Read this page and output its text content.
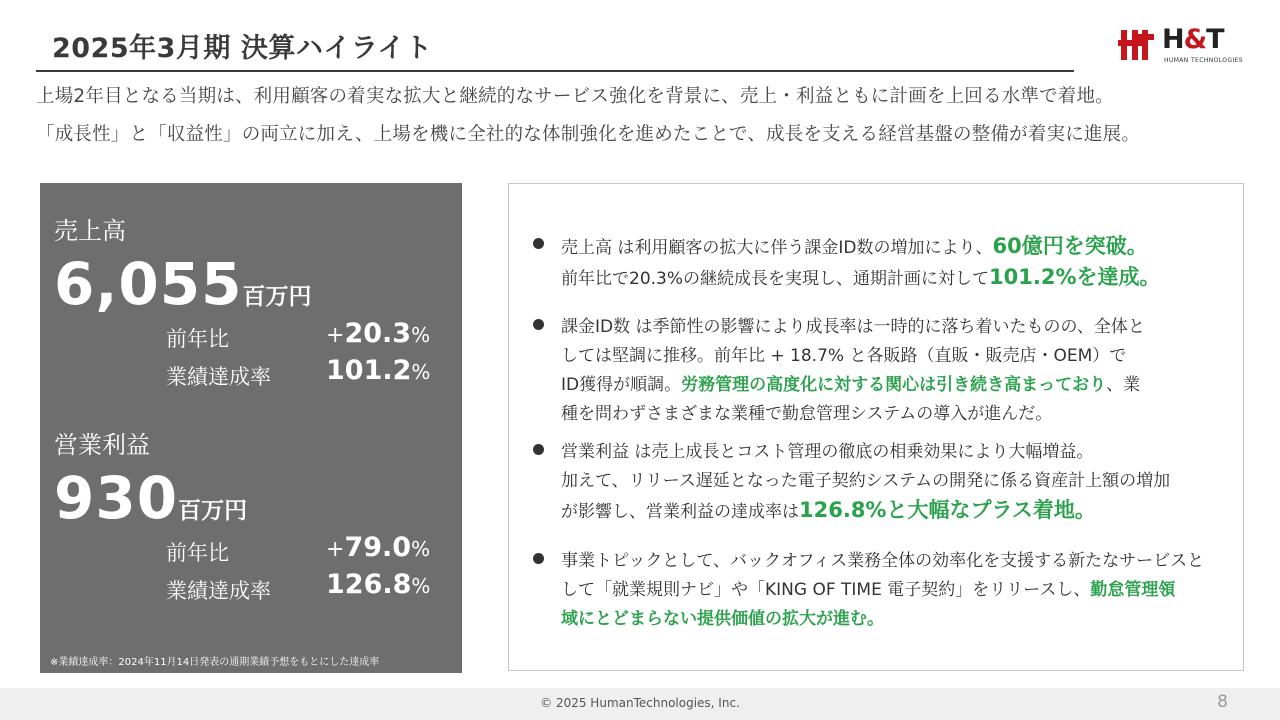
2025年3月期 決算ハイライト	H&T
HUMAN TECHNOLOGIES
上場2年目となる当期は、利用顧客の着実な拡大と継続的なサービス強化を背景に、売上・利益ともに計画を上回る水準で着地。
「成長性」と「収益性」の両立に加え、上場を機に全社的な体制強化を進めたことで、成長を支える経営基盤の整備が着実に進展。
売上高
6,055百万円
前年比	+20.3%
業績達成率 101.2%
営業利益
930百万円
前年比	+79.0%
業績達成率 126.8%
※業績達成率：2024年11月14日発表の通期業績予想をもとにした達成率
売上高 は利用顧客の拡大に伴う課金ID数の増加により、60億円を突破。
前年比で20.3%の継続成長を実現し、通期計画に対して101.2%を達成。
課金ID数 は季節性の影響により成長率は一時的に落ち着いたものの、全体と
しては堅調に推移。前年比 + 18.7% と各販路（直販・販売店・OEM）で
ID獲得が順調。労務管理の高度化に対する関心は引き続き高まっており、業
種を問わずさまざまな業種で勤怠管理システムの導入が進んだ。
営業利益 は売上成長とコスト管理の徹底の相乗効果により大幅増益。
加えて、リリース遅延となった電子契約システムの開発に係る資産計上額の増加
が影響し、営業利益の達成率は126.8%と大幅なプラス着地。
事業トピックとして、バックオフィス業務全体の効率化を支援する新たなサービスと
して「就業規則ナビ」や「KING OF TIME 電子契約」をリリースし、勤怠管理領
域にとどまらない提供価値の拡大が進む。
© 2025 HumanTechnologies, Inc.	8
